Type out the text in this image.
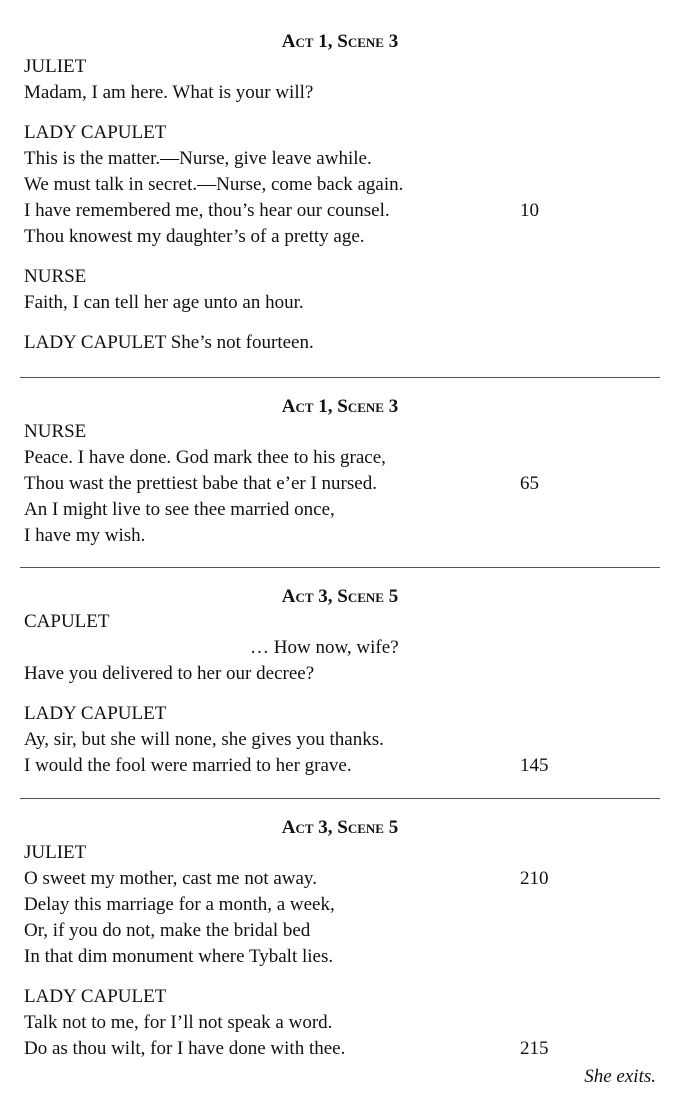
Act 1, Scene 3
JULIET
Madam, I am here. What is your will?
LADY CAPULET
This is the matter.—Nurse, give leave awhile.
We must talk in secret.—Nurse, come back again.
I have remembered me, thou’s hear our counsel.	10
Thou knowest my daughter’s of a pretty age.
NURSE
Faith, I can tell her age unto an hour.
LADY CAPULET She’s not fourteen.
Act 1, Scene 3
NURSE
Peace. I have done. God mark thee to his grace,
Thou wast the prettiest babe that e’er I nursed.	65
An I might live to see thee married once,
I have my wish.
Act 3, Scene 5
CAPULET
… How now, wife?
Have you delivered to her our decree?
LADY CAPULET
Ay, sir, but she will none, she gives you thanks.
I would the fool were married to her grave.	145
Act 3, Scene 5
JULIET
O sweet my mother, cast me not away.	210
Delay this marriage for a month, a week,
Or, if you do not, make the bridal bed
In that dim monument where Tybalt lies.
LADY CAPULET
Talk not to me, for I’ll not speak a word.
Do as thou wilt, for I have done with thee.	215
She exits.
